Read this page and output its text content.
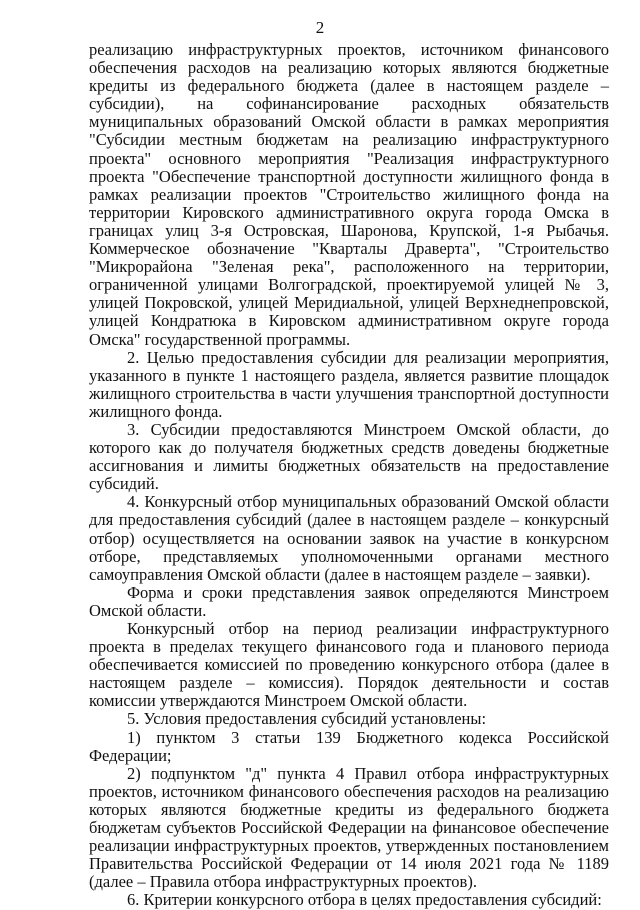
2

реализацию инфраструктурных проектов, источником финансового обеспечения расходов на реализацию которых являются бюджетные кредиты из федерального бюджета (далее в настоящем разделе – субсидии), на софинансирование расходных обязательств муниципальных образований Омской области в рамках мероприятия "Субсидии местным бюджетам на реализацию инфраструктурного проекта" основного мероприятия "Реализация инфраструктурного проекта "Обеспечение транспортной доступности жилищного фонда в рамках реализации проектов "Строительство жилищного фонда на территории Кировского административного округа города Омска в границах улиц 3-я Островская, Шаронова, Крупской, 1-я Рыбачья. Коммерческое обозначение "Кварталы Драверта", "Строительство "Микрорайона "Зеленая река", расположенного на территории, ограниченной улицами Волгоградской, проектируемой улицей № 3, улицей Покровской, улицей Меридиальной, улицей Верхнеднепровской, улицей Кондратюка в Кировском административном округе города Омска" государственной программы.

2. Целью предоставления субсидии для реализации мероприятия, указанного в пункте 1 настоящего раздела, является развитие площадок жилищного строительства в части улучшения транспортной доступности жилищного фонда.

3. Субсидии предоставляются Минстроем Омской области, до которого как до получателя бюджетных средств доведены бюджетные ассигнования и лимиты бюджетных обязательств на предоставление субсидий.

4. Конкурсный отбор муниципальных образований Омской области для предоставления субсидий (далее в настоящем разделе – конкурсный отбор) осуществляется на основании заявок на участие в конкурсном отборе, представляемых уполномоченными органами местного самоуправления Омской области (далее в настоящем разделе – заявки).

Форма и сроки представления заявок определяются Минстроем Омской области.

Конкурсный отбор на период реализации инфраструктурного проекта в пределах текущего финансового года и планового периода обеспечивается комиссией по проведению конкурсного отбора (далее в настоящем разделе – комиссия). Порядок деятельности и состав комиссии утверждаются Минстроем Омской области.

5. Условия предоставления субсидий установлены:

1) пунктом 3 статьи 139 Бюджетного кодекса Российской Федерации;

2) подпунктом "д" пункта 4 Правил отбора инфраструктурных проектов, источником финансового обеспечения расходов на реализацию которых являются бюджетные кредиты из федерального бюджета бюджетам субъектов Российской Федерации на финансовое обеспечение реализации инфраструктурных проектов, утвержденных постановлением Правительства Российской Федерации от 14 июля 2021 года № 1189 (далее – Правила отбора инфраструктурных проектов).

6. Критерии конкурсного отбора в целях предоставления субсидий:
